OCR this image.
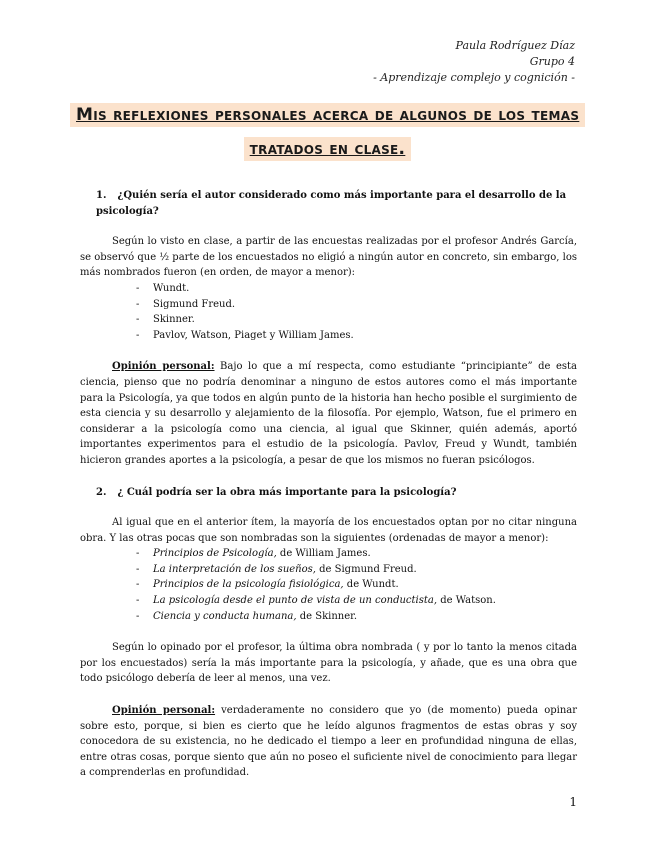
Paula Rodríguez Díaz
Grupo 4
- Aprendizaje complejo y cognición -
Mis reflexiones personales acerca de algunos de los temas tratados en clase.
1. ¿Quién sería el autor considerado como más importante para el desarrollo de la psicología?

Según lo visto en clase, a partir de las encuestas realizadas por el profesor Andrés García, se observó que ½ parte de los encuestados no eligió a ningún autor en concreto, sin embargo, los más nombrados fueron (en orden, de mayor a menor):

- Wundt.
- Sigmund Freud.
- Skinner.
- Pavlov, Watson, Piaget y William James.

Opinión personal: Bajo lo que a mí respecta, como estudiante “principiante” de esta ciencia, pienso que no podría denominar a ninguno de estos autores como el más importante para la Psicología, ya que todos en algún punto de la historia han hecho posible el surgimiento de esta ciencia y su desarrollo y alejamiento de la filosofía. Por ejemplo, Watson, fue el primero en considerar a la psicología como una ciencia, al igual que Skinner, quién además, aportó importantes experimentos para el estudio de la psicología. Pavlov, Freud y Wundt, también hicieron grandes aportes a la psicología, a pesar de que los mismos no fueran psicólogos.

2. ¿ Cuál podría ser la obra más importante para la psicología?

Al igual que en el anterior ítem, la mayoría de los encuestados optan por no citar ninguna obra. Y las otras pocas que son nombradas son la siguientes (ordenadas de mayor a menor):

- Principios de Psicología, de William James.
- La interpretación de los sueños, de Sigmund Freud.
- Principios de la psicología fisiológica, de Wundt.
- La psicología desde el punto de vista de un conductista, de Watson.
- Ciencia y conducta humana, de Skinner.

Según lo opinado por el profesor, la última obra nombrada ( y por lo tanto la menos citada por los encuestados) sería la más importante para la psicología, y añade, que es una obra que todo psicólogo debería de leer al menos, una vez.

Opinión personal: verdaderamente no considero que yo (de momento) pueda opinar sobre esto, porque, si bien es cierto que he leído algunos fragmentos de estas obras y soy conocedora de su existencia, no he dedicado el tiempo a leer en profundidad ninguna de ellas, entre otras cosas, porque siento que aún no poseo el suficiente nivel de conocimiento para llegar a comprenderlas en profundidad.

1
